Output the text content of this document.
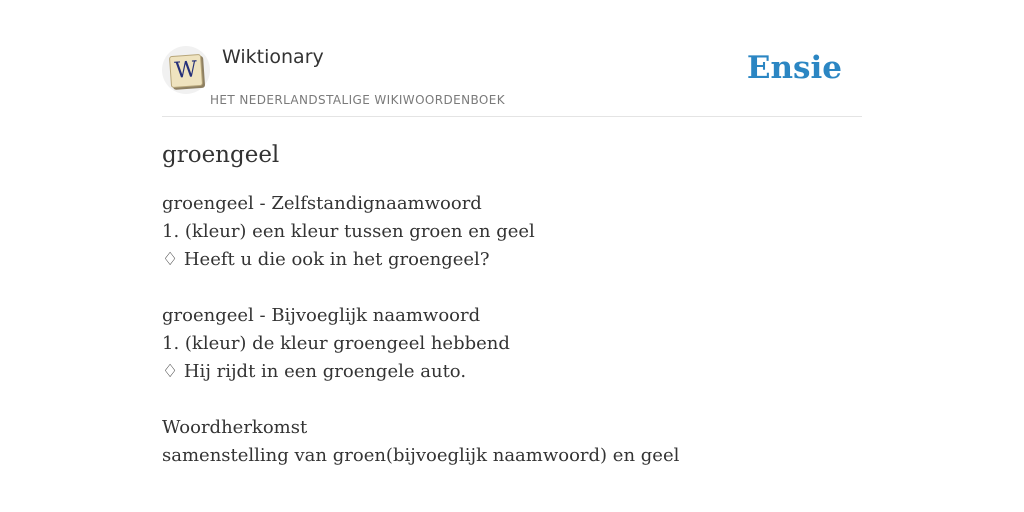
W
Wiktionary
HET NEDERLANDSTALIGE WIKIWOORDENBOEK
Ensie
groengeel
groengeel - Zelfstandignaamwoord
1. (kleur) een kleur tussen groen en geel
♢ Heeft u die ook in het groengeel?
groengeel - Bijvoeglijk naamwoord
1. (kleur) de kleur groengeel hebbend
♢ Hij rijdt in een groengele auto.
Woordherkomst
samenstelling van groen(bijvoeglijk naamwoord) en geel
